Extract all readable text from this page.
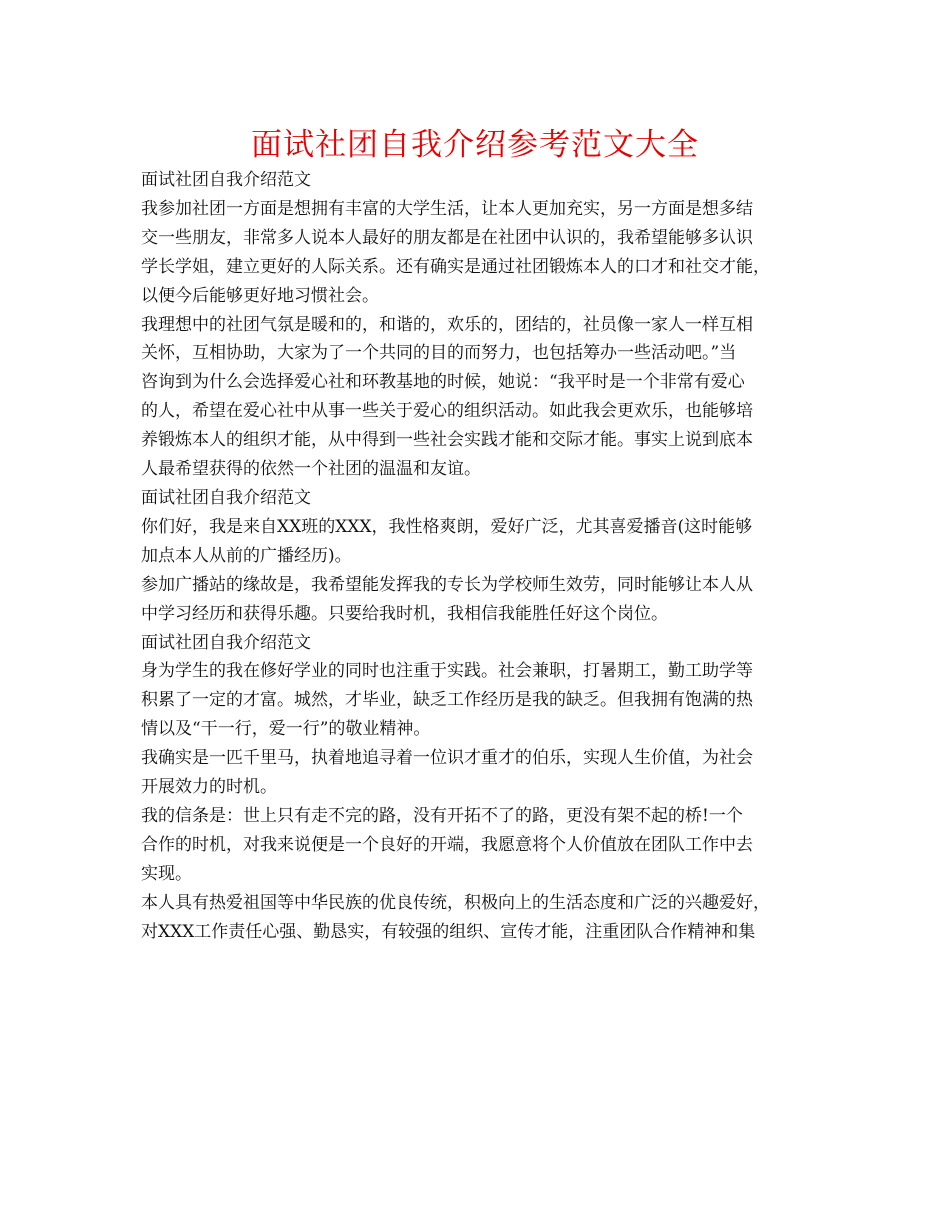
面试社团自我介绍参考范文大全
面试社团自我介绍范文
我参加社团一方面是想拥有丰富的大学生活，让本人更加充实，另一方面是想多结
交一些朋友，非常多人说本人最好的朋友都是在社团中认识的，我希望能够多认识
学长学姐，建立更好的人际关系。还有确实是通过社团锻炼本人的口才和社交才能，
以便今后能够更好地习惯社会。
我理想中的社团气氛是暖和的，和谐的，欢乐的，团结的，社员像一家人一样互相
关怀，互相协助，大家为了一个共同的目的而努力，也包括筹办一些活动吧。”当
咨询到为什么会选择爱心社和环教基地的时候，她说：“我平时是一个非常有爱心
的人，希望在爱心社中从事一些关于爱心的组织活动。如此我会更欢乐，也能够培
养锻炼本人的组织才能，从中得到一些社会实践才能和交际才能。事实上说到底本
人最希望获得的依然一个社团的温温和友谊。
面试社团自我介绍范文
你们好，我是来自XX班的XXX，我性格爽朗，爱好广泛，尤其喜爱播音(这时能够
加点本人从前的广播经历)。
参加广播站的缘故是，我希望能发挥我的专长为学校师生效劳，同时能够让本人从
中学习经历和获得乐趣。只要给我时机，我相信我能胜任好这个岗位。
面试社团自我介绍范文
身为学生的我在修好学业的同时也注重于实践。社会兼职，打暑期工，勤工助学等
积累了一定的才富。城然，才毕业，缺乏工作经历是我的缺乏。但我拥有饱满的热
情以及“干一行，爱一行”的敬业精神。
我确实是一匹千里马，执着地追寻着一位识才重才的伯乐，实现人生价值，为社会
开展效力的时机。
我的信条是：世上只有走不完的路，没有开拓不了的路，更没有架不起的桥!一个
合作的时机，对我来说便是一个良好的开端，我愿意将个人价值放在团队工作中去
实现。
本人具有热爱祖国等中华民族的优良传统，积极向上的生活态度和广泛的兴趣爱好，
对XXX工作责任心强、勤恳实，有较强的组织、宣传才能，注重团队合作精神和集
